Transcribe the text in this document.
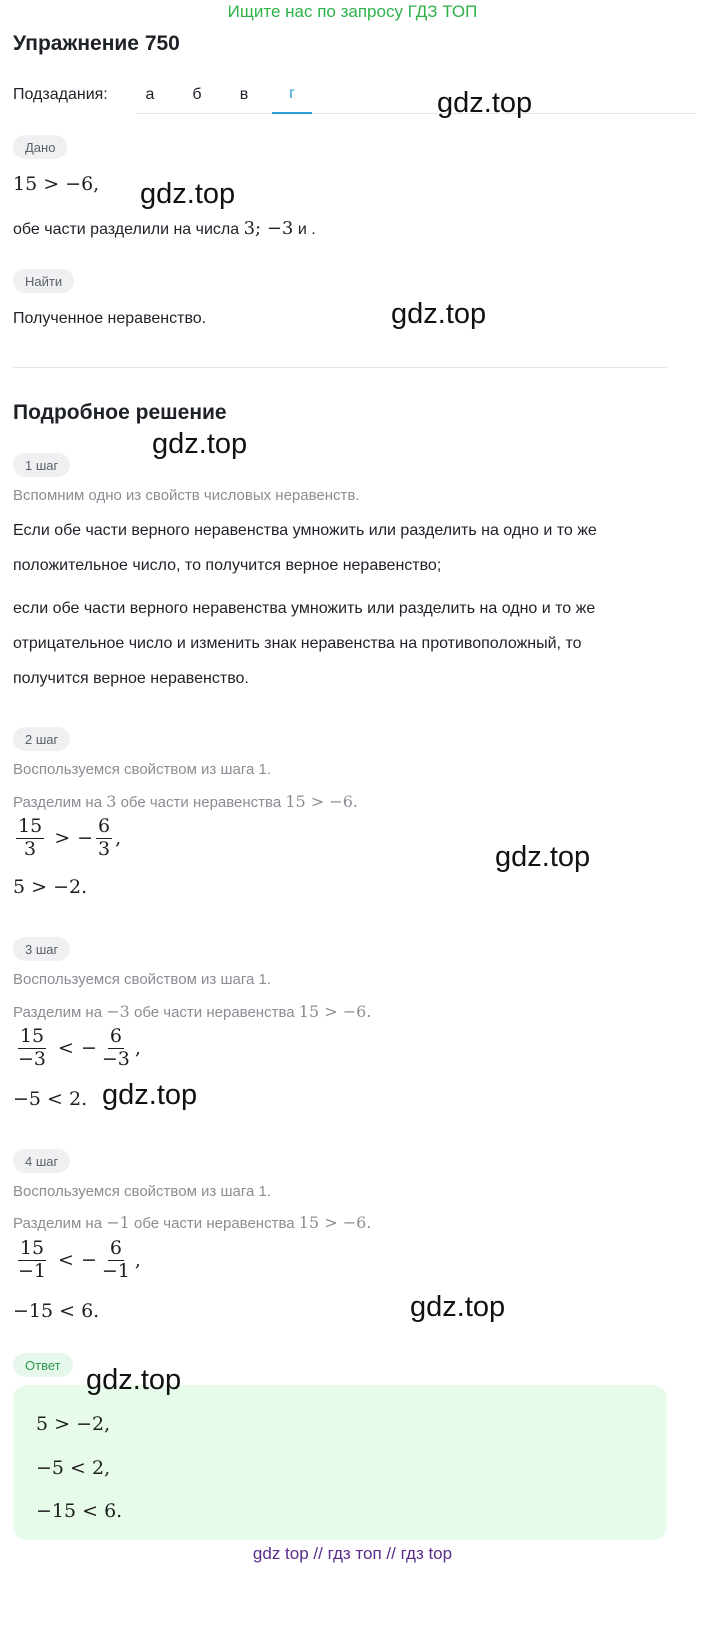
Ищите нас по запросу ГДЗ ТОП
Упражнение 750
Подзадания:	а	б	в	г
Дано
15 > −6,
обе части разделили на числа 3; −3 и .
Найти
Полученное неравенство.
Подробное решение
1 шаг
Вспомним одно из свойств числовых неравенств.
Если обе части верного неравенства умножить или разделить на одно и то же
положительное число, то получится верное неравенство;
если обе части верного неравенства умножить или разделить на одно и то же
отрицательное число и изменить знак неравенства на противоположный, то
получится верное неравенство.
2 шаг
Воспользуемся свойством из шага 1.
Разделим на 3 обе части неравенства 15 > −6.
$\frac{15}{3}$ > − $\frac{6}{3}$ ,
5 > −2.
3 шаг
Воспользуемся свойством из шага 1.
Разделим на −3 обе части неравенства 15 > −6.
$\frac{15}{-3}$ < − $\frac{6}{-3}$ ,
−5 < 2.
4 шаг
Воспользуемся свойством из шага 1.
Разделим на −1 обе части неравенства 15 > −6.
$\frac{15}{-1}$ < − $\frac{6}{-1}$ ,
−15 < 6.
Ответ
5 > −2,
−5 < 2,
−15 < 6.
gdz.top
gdz.top
gdz.top
gdz.top
gdz.top
gdz.top
gdz.top
gdz.top
gdz top // гдз топ // гдз top
